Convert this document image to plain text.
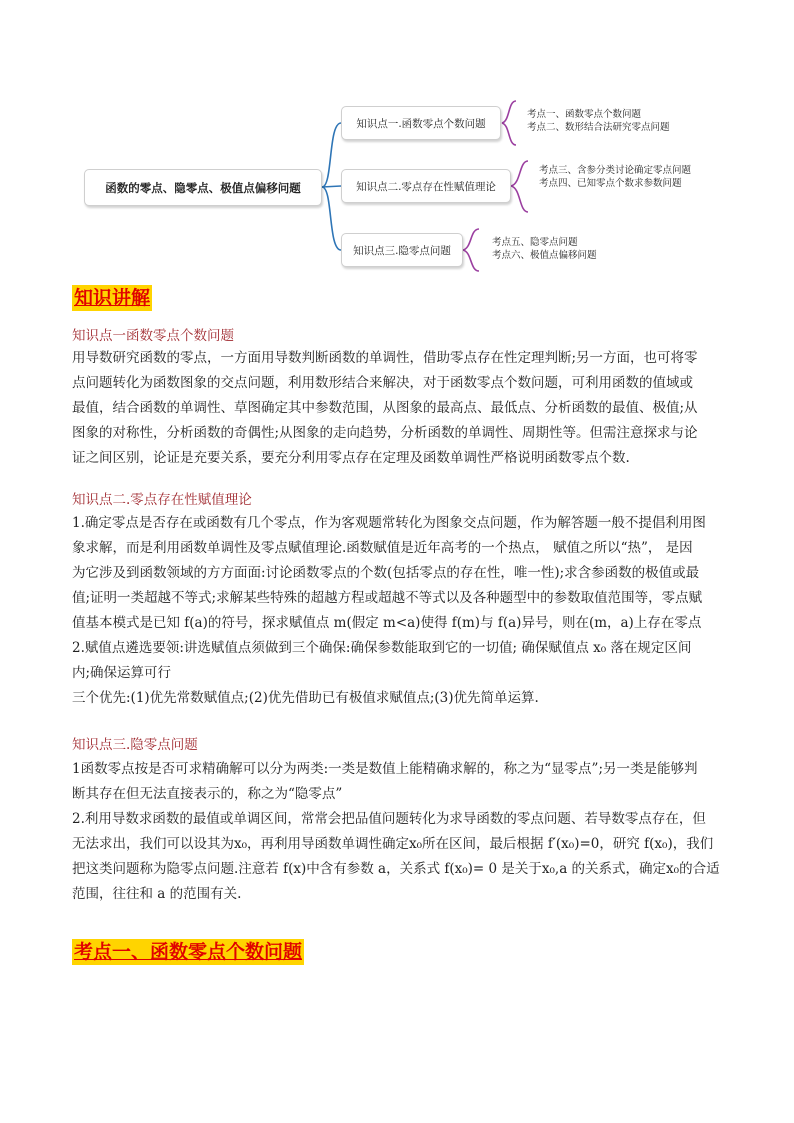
函数的零点、隐零点、极值点偏移问题
知识点一.函数零点个数问题
知识点二.零点存在性赋值理论
知识点三.隐零点问题
考点一、函数零点个数问题
考点二、数形结合法研究零点问题
考点三、含参分类讨论确定零点问题
考点四、已知零点个数求参数问题
考点五、隐零点问题
考点六、极值点偏移问题
知识讲解
知识点一函数零点个数问题
用导数研究函数的零点，一方面用导数判断函数的单调性，借助零点存在性定理判断;另一方面，也可将零
点问题转化为函数图象的交点问题，利用数形结合来解决，对于函数零点个数问题，可利用函数的值域或
最值，结合函数的单调性、草图确定其中参数范围，从图象的最高点、最低点、分析函数的最值、极值;从
图象的对称性，分析函数的奇偶性;从图象的走向趋势，分析函数的单调性、周期性等。但需注意探求与论
证之间区别，论证是充要关系，要充分利用零点存在定理及函数单调性严格说明函数零点个数.
知识点二.零点存在性赋值理论
1.确定零点是否存在或函数有几个零点，作为客观题常转化为图象交点问题，作为解答题一般不提倡利用图
象求解，而是利用函数单调性及零点赋值理论.函数赋值是近年高考的一个热点， 赋值之所以“热”， 是因
为它涉及到函数领域的方方面面:讨论函数零点的个数(包括零点的存在性，唯一性);求含参函数的极值或最
值;证明一类超越不等式;求解某些特殊的超越方程或超越不等式以及各种题型中的参数取值范围等，零点赋
值基本模式是已知 f(a)的符号，探求赋值点 m(假定 m<a)使得 f(m)与 f(a)异号，则在(m，a)上存在零点
2.赋值点遴选要领:讲选赋值点须做到三个确保:确保参数能取到它的一切值; 确保赋值点 x₀ 落在规定区间
内;确保运算可行
三个优先:(1)优先常数赋值点;(2)优先借助已有极值求赋值点;(3)优先简单运算.
知识点三.隐零点问题
1函数零点按是否可求精确解可以分为两类:一类是数值上能精确求解的，称之为“显零点”;另一类是能够判
断其存在但无法直接表示的，称之为“隐零点”
2.利用导数求函数的最值或单调区间，常常会把品值问题转化为求导函数的零点问题、若导数零点存在，但
无法求出，我们可以设其为x₀，再利用导函数单调性确定x₀所在区间，最后根据 f′(x₀)=0，研究 f(x₀)，我们
把这类问题称为隐零点问题.注意若 f(x)中含有参数 a，关系式 f(x₀)= 0 是关于x₀,a 的关系式，确定x₀的合适
范围，往往和 a 的范围有关.
考点一、函数零点个数问题
